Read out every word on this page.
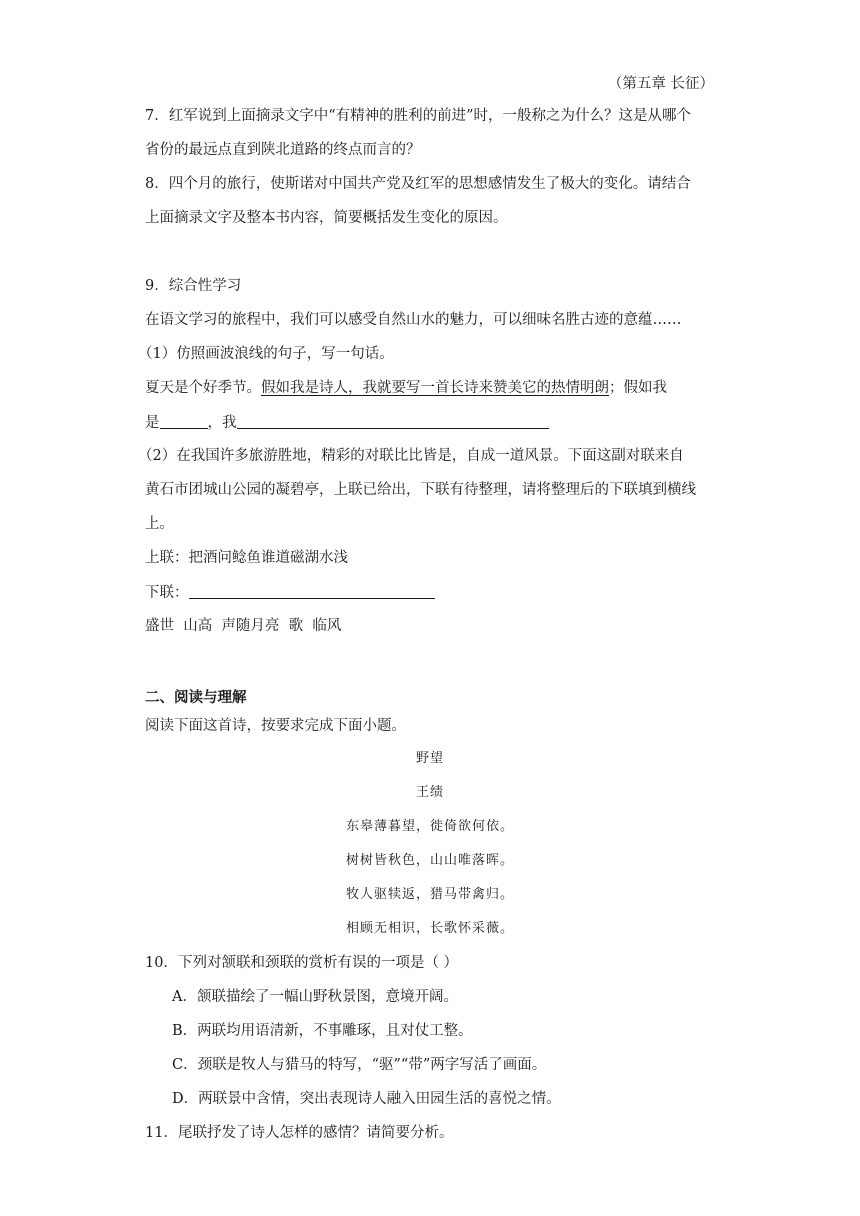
（第五章 长征）
7．红军说到上面摘录文字中“有精神的胜利的前进”时，一般称之为什么？这是从哪个
省份的最远点直到陕北道路的终点而言的？
8．四个月的旅行，使斯诺对中国共产党及红军的思想感情发生了极大的变化。请结合
上面摘录文字及整本书内容，简要概括发生变化的原因。
9．综合性学习
在语文学习的旅程中，我们可以感受自然山水的魅力，可以细味名胜古迹的意蕴……
（1）仿照画波浪线的句子，写一句话。
夏天是个好季节。假如我是诗人，我就要写一首长诗来赞美它的热情明朗；假如我
是	，我
（2）在我国许多旅游胜地，精彩的对联比比皆是，自成一道风景。下面这副对联来自
黄石市团城山公园的凝碧亭，上联已给出，下联有待整理，请将整理后的下联填到横线
上。
上联：把酒问鲶鱼谁道磁湖水浅
下联：
盛世  山高  声随月亮  歌  临风
二、阅读与理解
阅读下面这首诗，按要求完成下面小题。
野望
王绩
东皋薄暮望，徙倚欲何依。
树树皆秋色，山山唯落晖。
牧人驱犊返，猎马带禽归。
相顾无相识，长歌怀采薇。
10．下列对颔联和颈联的赏析有误的一项是（ ）
A．颔联描绘了一幅山野秋景图，意境开阔。
B．两联均用语清新，不事雕琢，且对仗工整。
C．颈联是牧人与猎马的特写，“驱”“带”两字写活了画面。
D．两联景中含情，突出表现诗人融入田园生活的喜悦之情。
11．尾联抒发了诗人怎样的感情？请简要分析。
